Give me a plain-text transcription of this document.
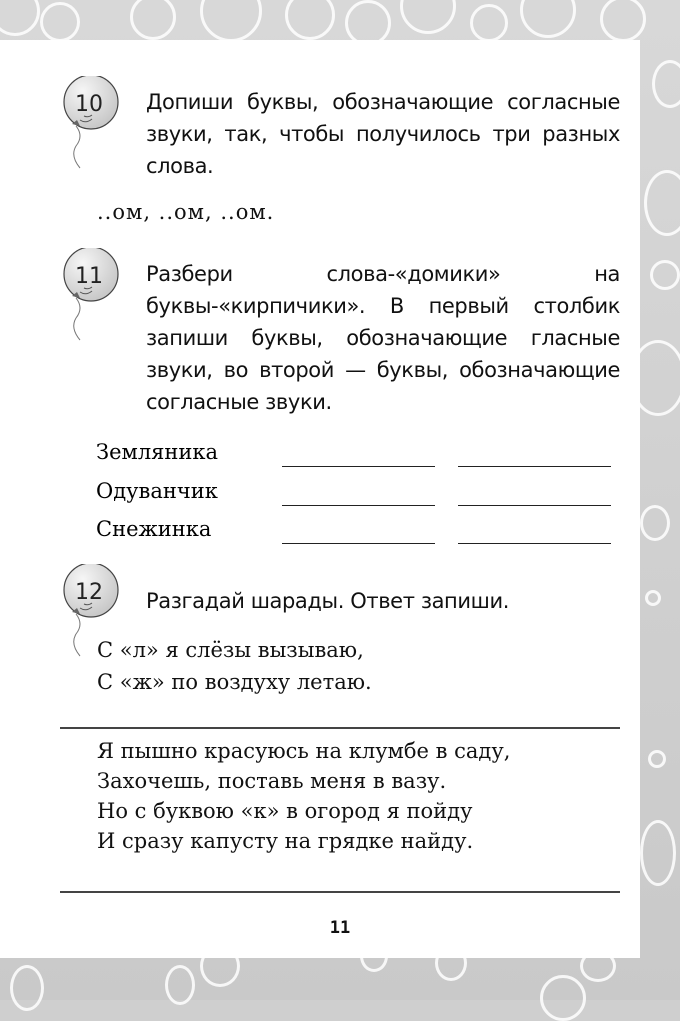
10	Допиши буквы, обозначающие согласные звуки, так, чтобы получилось три разных слова.
..ом, ..ом, ..ом.
11	Разбери слова-«домики» на буквы-«кирпичики». В первый столбик запиши буквы, обозначающие гласные звуки, во второй — буквы, обозначающие согласные звуки.
Земляника
Одуванчик
Снежинка
12	Разгадай шарады. Ответ запиши.
С «л» я слёзы вызываю,
С «ж» по воздуху летаю.
Я пышно красуюсь на клумбе в саду,
Захочешь, поставь меня в вазу.
Но с буквою «к» в огород я пойду
И сразу капусту на грядке найду.
11
